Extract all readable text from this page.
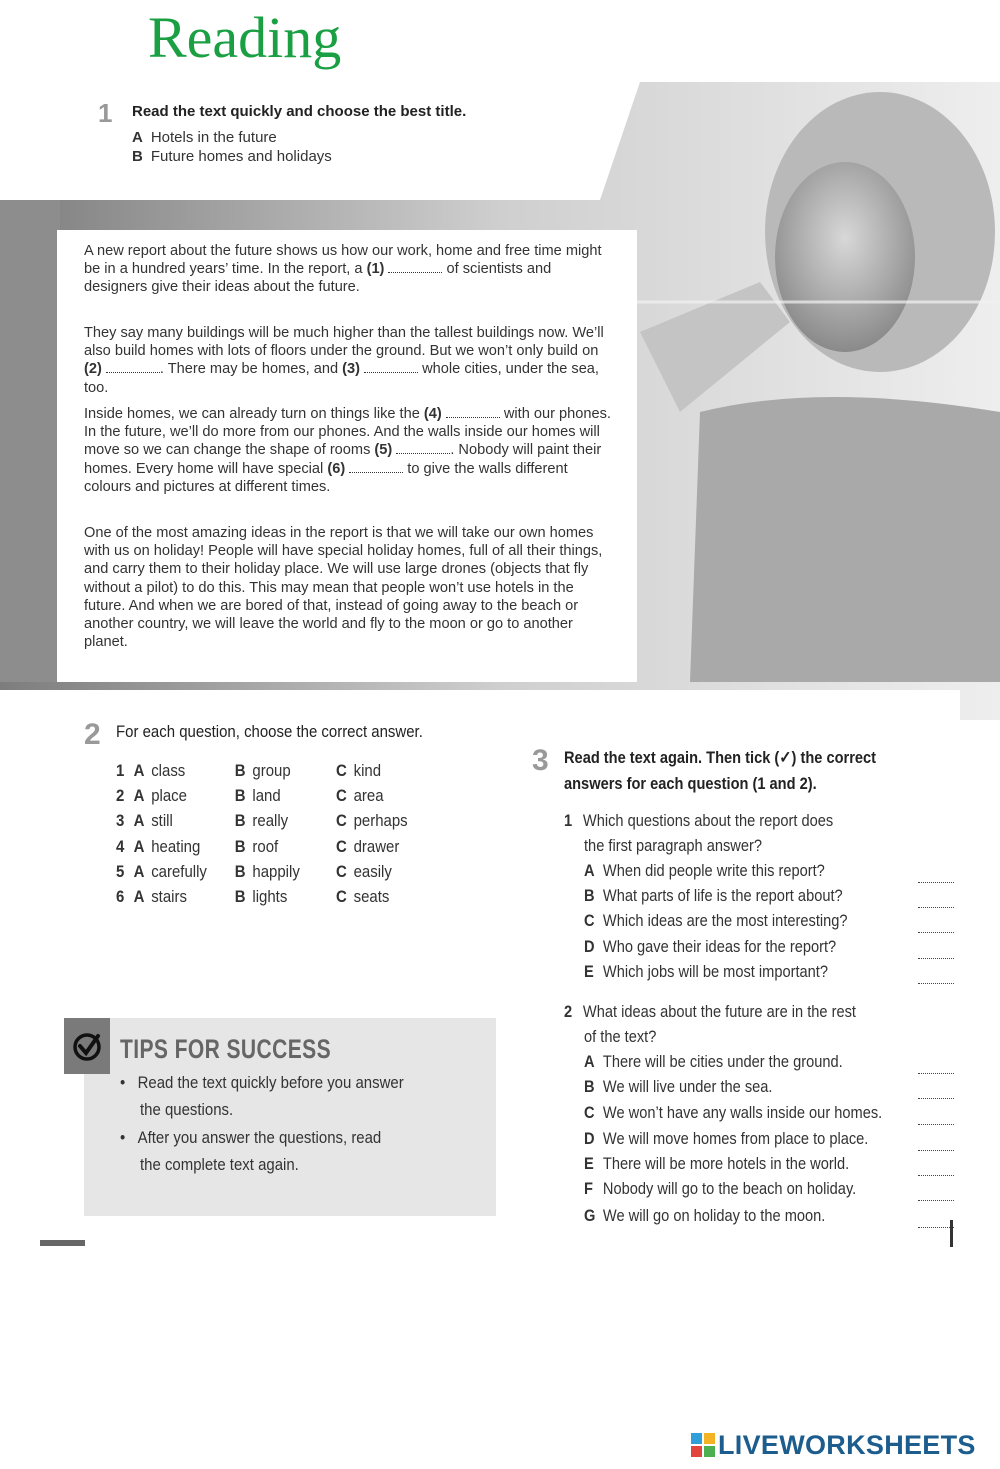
Reading
1 Read the text quickly and choose the best title.
A Hotels in the future
B Future homes and holidays

A new report about the future shows us how our work, home and free time might be in a hundred years’ time. In the report, a (1)	of scientists and designers give their ideas about the future.

They say many buildings will be much higher than the tallest buildings now. We’ll also build homes with lots of floors under the ground. But we won’t only build on (2)	. There may be homes, and (3)	whole cities, under the sea, too.

Inside homes, we can already turn on things like the (4)	with our phones. In the future, we’ll do more from our phones. And the walls inside our homes will move so we can change the shape of rooms (5)	. Nobody will paint their homes. Every home will have special (6)	to give the walls different colours and pictures at different times.

One of the most amazing ideas in the report is that we will take our own homes with us on holiday! People will have special holiday homes, full of all their things, and carry them to their holiday place. We will use large drones (objects that fly without a pilot) to do this. This may mean that people won’t use hotels in the future. And when we are bored of that, instead of going away to the beach or another country, we will leave the world and fly to the moon or go to another planet.

2 For each question, choose the correct answer.
1 A class	B group	C kind
2 A place	B land	C area
3 A still	B really	C perhaps
4 A heating B roof	C drawer
5 A carefully B happily C easily
6 A stairs	B lights	C seats
TIPS FOR SUCCESS
• Read the text quickly before you answer
the questions.
• After you answer the questions, read
the complete text again.
3 Read the text again. Then tick (✓) the correct
answers for each question (1 and 2).
1 Which questions about the report does
the first paragraph answer?
A When did people write this report?
B What parts of life is the report about?
C Which ideas are the most interesting?
D Who gave their ideas for the report?
E Which jobs will be most important?
2 What ideas about the future are in the rest
of the text?
A There will be cities under the ground.
B We will live under the sea.
C We won’t have any walls inside our homes.
D We will move homes from place to place.
E There will be more hotels in the world.
F Nobody will go to the beach on holiday.
G We will go on holiday to the moon.
LIVEWORKSHEETS
